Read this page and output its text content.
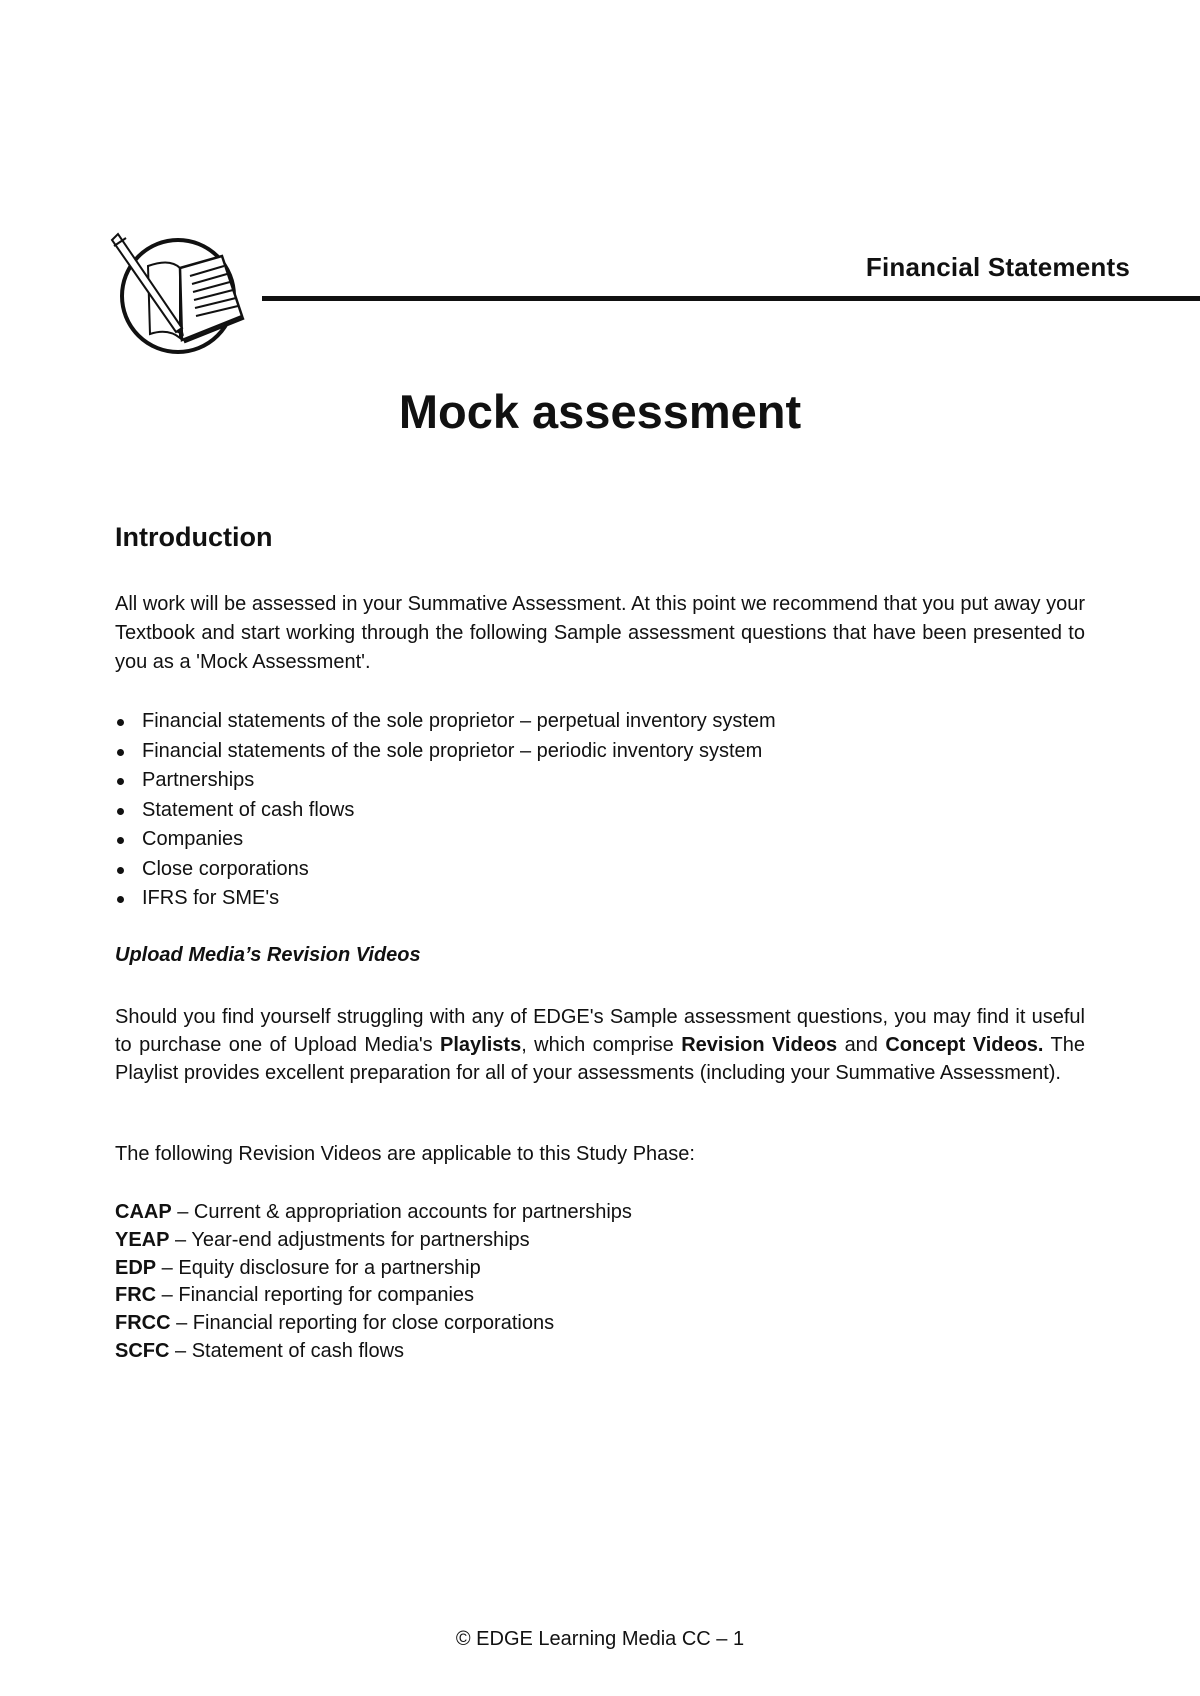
Financial Statements
Mock assessment
Introduction
All work will be assessed in your Summative Assessment. At this point we recommend that you put away your Textbook and start working through the following Sample assessment questions that have been presented to you as a 'Mock Assessment'.
Financial statements of the sole proprietor – perpetual inventory system
Financial statements of the sole proprietor – periodic inventory system
Partnerships
Statement of cash flows
Companies
Close corporations
IFRS for SME's
Upload Media’s Revision Videos
Should you find yourself struggling with any of EDGE's Sample assessment questions, you may find it useful to purchase one of Upload Media's Playlists, which comprise Revision Videos and Concept Videos. The Playlist provides excellent preparation for all of your assessments (including your Summative Assessment).
The following Revision Videos are applicable to this Study Phase:
CAAP – Current & appropriation accounts for partnerships
YEAP – Year-end adjustments for partnerships
EDP – Equity disclosure for a partnership
FRC – Financial reporting for companies
FRCC – Financial reporting for close corporations
SCFC – Statement of cash flows
© EDGE Learning Media CC – 1
